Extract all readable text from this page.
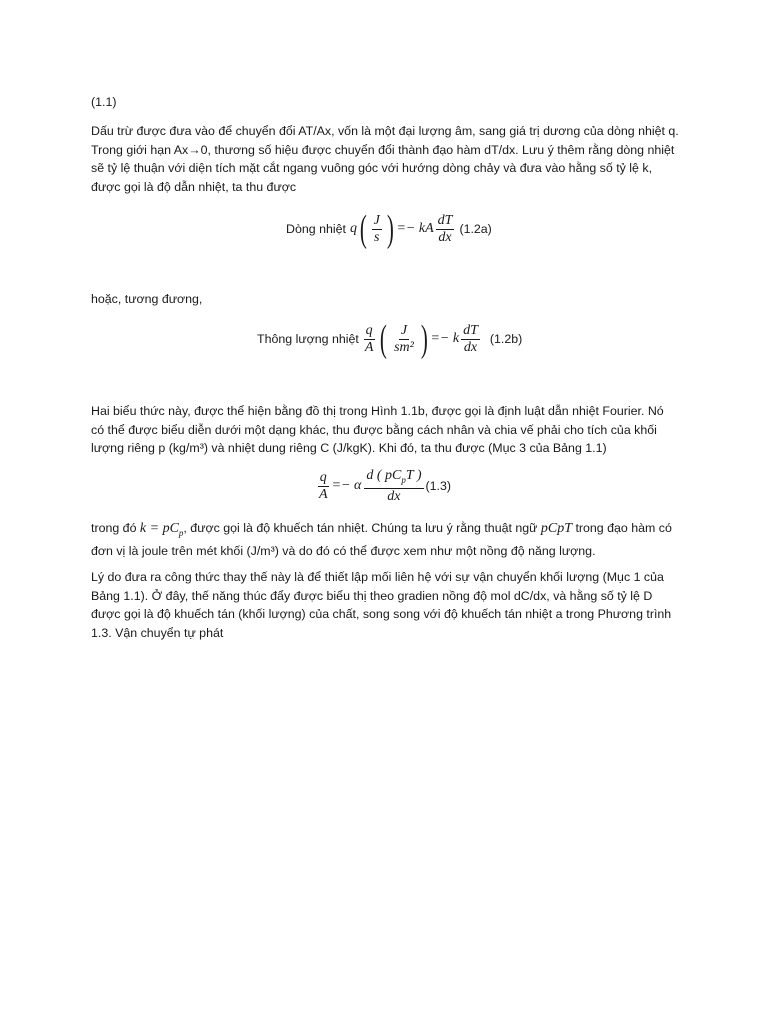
(1.1)

Dấu trừ được đưa vào để chuyển đổi AT/Ax, vốn là một đại lượng âm, sang giá trị dương của dòng nhiệt q. Trong giới hạn Ax→0, thương số hiệu được chuyển đổi thành đạo hàm dT/dx. Lưu ý thêm rằng dòng nhiệt sẽ tỷ lệ thuận với diện tích mặt cắt ngang vuông góc với hướng dòng chảy và đưa vào hằng số tỷ lệ k, được gọi là độ dẫn nhiệt, ta thu được

Dòng nhiệt q ( $\frac{J}{s}$ ) =− kA $\frac{dT}{dx} (1.2a)$

hoặc, tương đương,

Thông lượng nhiệt $\frac{q}{A}$ ( $\frac{J}{\text{sm²}}$ ) =− k $\frac{dT}{dx} (1.2b)$

Hai biểu thức này, được thể hiện bằng đồ thị trong Hình 1.1b, được gọi là định luật dẫn nhiệt Fourier. Nó có thể được biểu diễn dưới một dạng khác, thu được bằng cách nhân và chia vế phải cho tích của khối lượng riêng p (kg/m³) và nhiệt dung riêng C (J/kgK). Khi đó, ta thu được (Mục 3 của Bảng 1.1)

$\frac{q}{A} =- \alpha \frac{d ( pC_pT )}{dx} (1.3)$

trong đó $k = pC_p$, được gọi là độ khuếch tán nhiệt. Chúng ta lưu ý rằng thuật ngữ pCpT trong đạo hàm có đơn vị là joule trên mét khối (J/m³) và do đó có thể được xem như một nồng độ năng lượng.

Lý do đưa ra công thức thay thế này là để thiết lập mối liên hệ với sự vận chuyển khối lượng (Mục 1 của Bảng 1.1). Ở đây, thế năng thúc đẩy được biểu thị theo gradien nồng độ mol dC/dx, và hằng số tỷ lệ D được gọi là độ khuếch tán (khối lượng) của chất, song song với độ khuếch tán nhiệt a trong Phương trình 1.3. Vận chuyển tự phát
